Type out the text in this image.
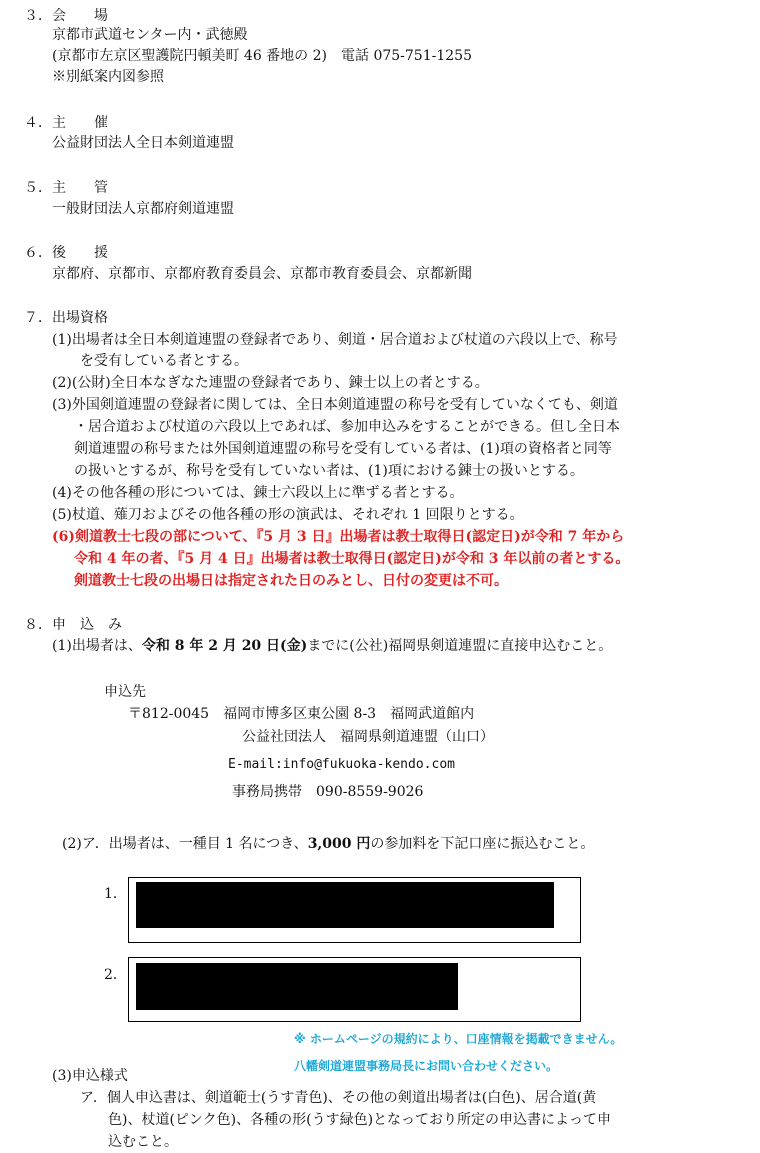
３．会　　場
京都市武道センター内・武徳殿
(京都市左京区聖護院円頓美町 46 番地の 2)　電話 075-751-1255
※別紙案内図参照
４．主　　催
公益財団法人全日本剣道連盟
５．主　　管
一般財団法人京都府剣道連盟
６．後　　援
京都府、京都市、京都府教育委員会、京都市教育委員会、京都新聞
７．出場資格
(1)出場者は全日本剣道連盟の登録者であり、剣道・居合道および杖道の六段以上で、称号
を受有している者とする。
(2)(公財)全日本なぎなた連盟の登録者であり、錬士以上の者とする。
(3)外国剣道連盟の登録者に関しては、全日本剣道連盟の称号を受有していなくても、剣道
・居合道および杖道の六段以上であれば、参加申込みをすることができる。但し全日本
剣道連盟の称号または外国剣道連盟の称号を受有している者は、(1)項の資格者と同等
の扱いとするが、称号を受有していない者は、(1)項における錬士の扱いとする。
(4)その他各種の形については、錬士六段以上に準ずる者とする。
(5)杖道、薙刀およびその他各種の形の演武は、それぞれ 1 回限りとする。
(6)剣道教士七段の部について、『5 月 3 日』出場者は教士取得日(認定日)が令和 7 年から
令和 4 年の者、『5 月 4 日』出場者は教士取得日(認定日)が令和 3 年以前の者とする。
剣道教士七段の出場日は指定された日のみとし、日付の変更は不可。
８．申　込　み
(1)出場者は、令和 8 年 2 月 20 日(金)までに(公社)福岡県剣道連盟に直接申込むこと。
申込先
〒812-0045　福岡市博多区東公園 8-3　福岡武道館内
公益社団法人　福岡県剣道連盟（山口）
E-mail:info@fukuoka-kendo.com
事務局携帯　090-8559-9026
(2)ア．出場者は、一種目 1 名につき、3,000 円の参加料を下記口座に振込むこと。
1．
2．
※ ホームページの規約により、口座情報を掲載できません。
八幡剣道連盟事務局長にお問い合わせください。
(3)申込様式
ア．個人申込書は、剣道範士(うす青色)、その他の剣道出場者は(白色)、居合道(黄
色)、杖道(ピンク色)、各種の形(うす緑色)となっており所定の申込書によって申
込むこと。
